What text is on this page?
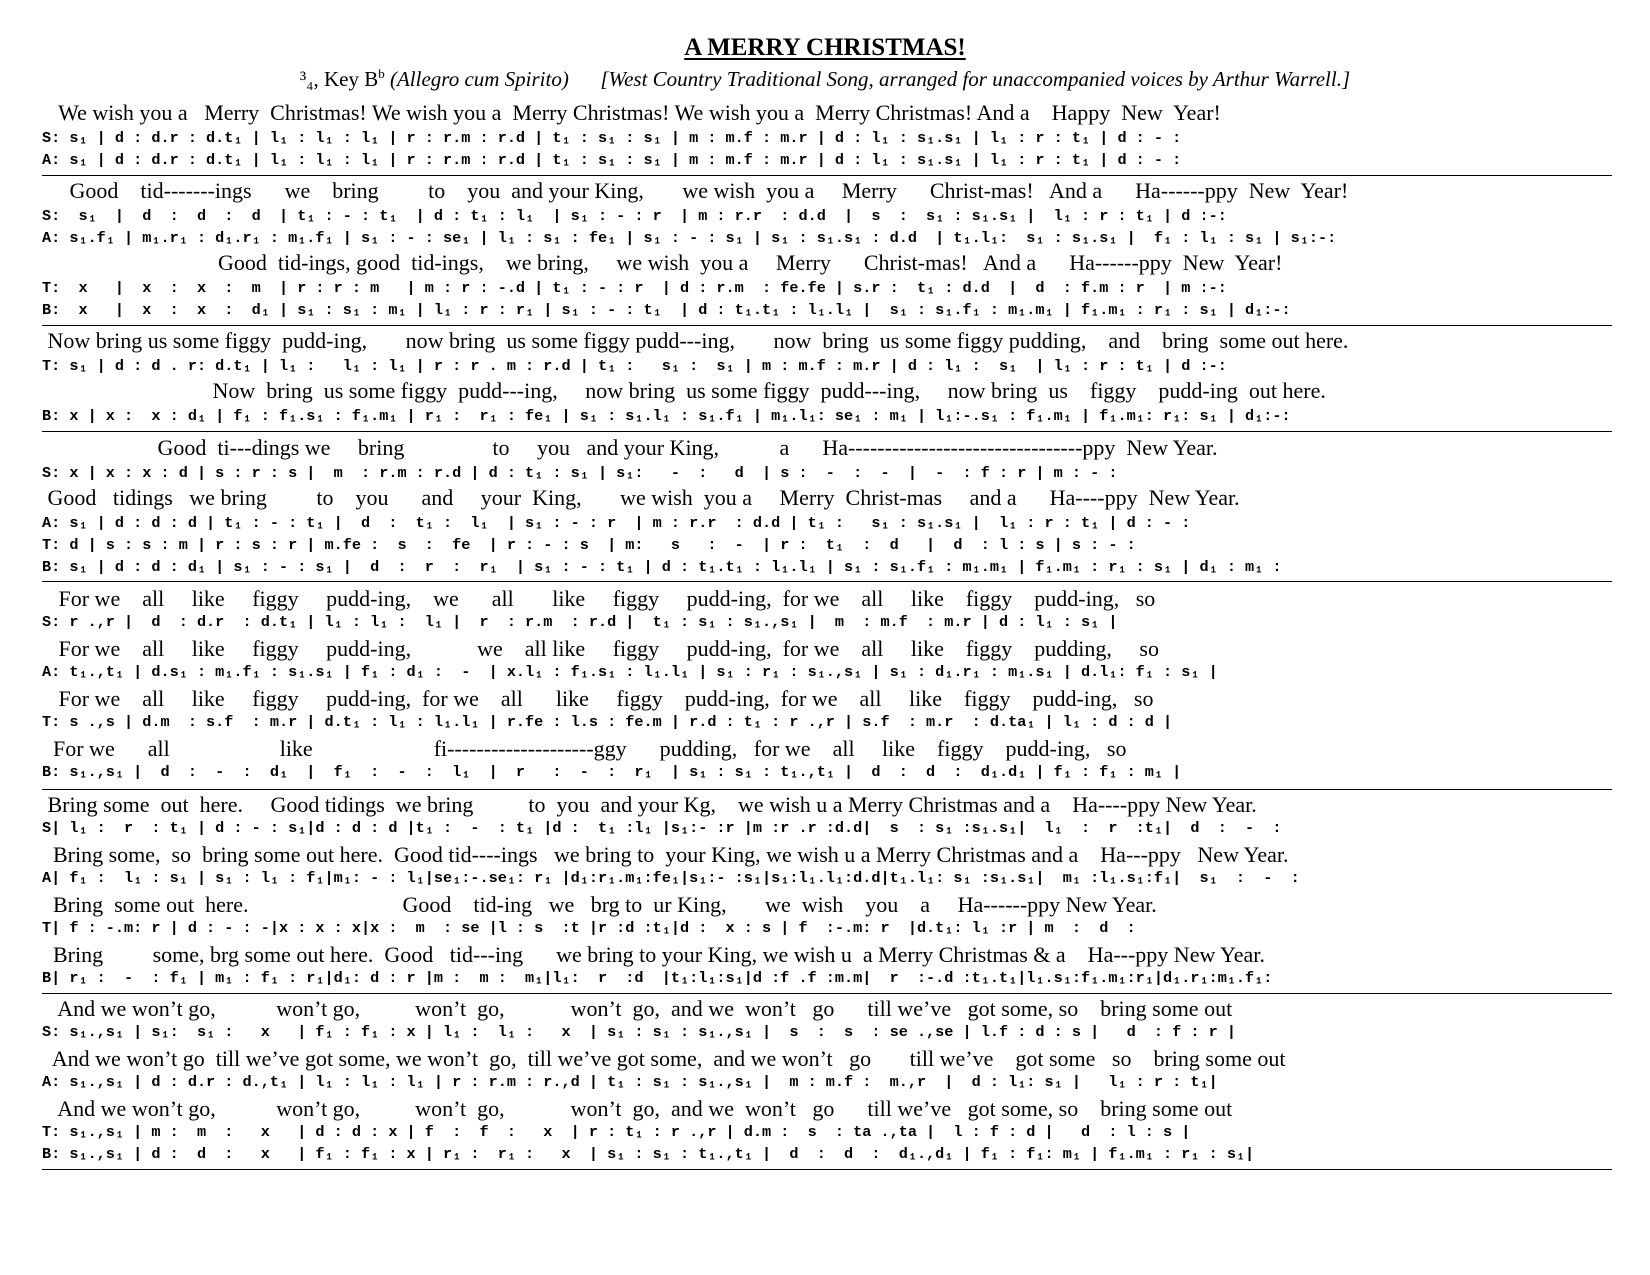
A MERRY CHRISTMAS!
³₄, Key $B^b$ (Allegro cum Spirito) [West Country Traditional Song, arranged for unaccompanied voices by Arthur Warrell.]
We wish you a   Merry  Christmas! We wish you a  Merry Christmas! We wish you a  Merry Christmas! And a    Happy  New  Year!
S: s₁ | d : d.r : d.t₁ | l₁ : l₁ : l₁ | r : r.m : r.d | t₁ : s₁ : s₁ | m : m.f : m.r | d : l₁ : s₁.s₁ | l₁ : r : t₁ | d : - :
A: s₁ | d : d.r : d.t₁ | l₁ : l₁ : l₁ | r : r.m : r.d | t₁ : s₁ : s₁ | m : m.f : m.r | d : l₁ : s₁.s₁ | l₁ : r : t₁ | d : - :
Good    tid-------ings      we    bring         to    you  and your King,       we wish  you a     Merry      Christ-mas!   And a      Ha------ppy  New  Year!
S:  s₁  |  d  :  d  :  d  | t₁ : - : t₁  | d : t₁ : l₁  | s₁ : - : r  | m : r.r  : d.d  |  s  :  s₁ : s₁.s₁ |  l₁ : r : t₁ | d :-:
A: s₁.f₁ | m₁.r₁ : d₁.r₁ : m₁.f₁ | s₁ : - : se₁ | l₁ : s₁ : fe₁ | s₁ : - : s₁ | s₁ : s₁.s₁ : d.d  | t₁.l₁:  s₁ : s₁.s₁ |  f₁ : l₁ : s₁ | s₁:-:
Good  tid-ings, good  tid-ings,    we bring,     we wish  you a     Merry      Christ-mas!   And a      Ha------ppy  New  Year!
T:  x   |  x  :  x  :  m  | r : r : m   | m : r : -.d | t₁ : - : r  | d : r.m  : fe.fe | s.r :  t₁ : d.d  |  d  : f.m : r  | m :-:
B:  x   |  x  :  x  :  d₁ | s₁ : s₁ : m₁ | l₁ : r : r₁ | s₁ : - : t₁  | d : t₁.t₁ : l₁.l₁ |  s₁ : s₁.f₁ : m₁.m₁ | f₁.m₁ : r₁ : s₁ | d₁:-:
Now bring us some figgy  pudd-ing,       now bring  us some figgy pudd---ing,       now  bring  us some figgy pudding,    and    bring  some out here.
T: s₁ | d : d . r: d.t₁ | l₁ :   l₁ : l₁ | r : r . m : r.d | t₁ :   s₁ :  s₁ | m : m.f : m.r | d : l₁ :  s₁  | l₁ : r : t₁ | d :-:
Now  bring  us some figgy  pudd---ing,     now bring  us some figgy  pudd---ing,     now bring  us    figgy    pudd-ing  out here.
B: x | x :  x : d₁ | f₁ : f₁.s₁ : f₁.m₁ | r₁ :  r₁ : fe₁ | s₁ : s₁.l₁ : s₁.f₁ | m₁.l₁: se₁ : m₁ | l₁:-.s₁ : f₁.m₁ | f₁.m₁: r₁: s₁ | d₁:-:
Good  ti---dings we     bring                to     you   and your King,           a      Ha--------------------------------ppy  New Year.
S: x | x : x : d | s : r : s |  m  : r.m : r.d | d : t₁ : s₁ | s₁:   -  :   d  | s :  -  :  -  |  -  : f : r | m : - :
Good   tidings   we bring         to    you      and     your  King,       we wish  you a     Merry  Christ-mas     and a      Ha----ppy  New Year.
A: s₁ | d : d : d | t₁ : - : t₁ |  d  :  t₁ :  l₁  | s₁ : - : r  | m : r.r  : d.d | t₁ :   s₁ : s₁.s₁ |  l₁ : r : t₁ | d : - :
T: d | s : s : m | r : s : r | m.fe :  s  :  fe  | r : - : s  | m:   s   :  -  | r :  t₁  :  d   |  d  : l : s | s : - :
B: s₁ | d : d : d₁ | s₁ : - : s₁ |  d  :  r  :  r₁  | s₁ : - : t₁ | d : t₁.t₁ : l₁.l₁ | s₁ : s₁.f₁ : m₁.m₁ | f₁.m₁ : r₁ : s₁ | d₁ : m₁ :
For we    all     like     figgy     pudd-ing,    we      all       like     figgy     pudd-ing,  for we    all     like    figgy    pudd-ing,   so
S: r .,r |  d  : d.r  : d.t₁ | l₁ : l₁ :  l₁ |  r  : r.m  : r.d |  t₁ : s₁ : s₁.,s₁ |  m  : m.f  : m.r | d : l₁ : s₁ |
For we    all     like     figgy     pudd-ing,            we    all like     figgy     pudd-ing,  for we    all     like    figgy    pudding,     so
A: t₁.,t₁ | d.s₁ : m₁.f₁ : s₁.s₁ | f₁ : d₁ :  -  | x.l₁ : f₁.s₁ : l₁.l₁ | s₁ : r₁ : s₁.,s₁ | s₁ : d₁.r₁ : m₁.s₁ | d.l₁: f₁ : s₁ |
For we    all     like     figgy     pudd-ing,  for we    all      like     figgy    pudd-ing,  for we    all     like    figgy    pudd-ing,   so
T: s .,s | d.m  : s.f  : m.r | d.t₁ : l₁ : l₁.l₁ | r.fe : l.s : fe.m | r.d : t₁ : r .,r | s.f  : m.r  : d.ta₁ | l₁ : d : d |
For we      all                    like                      fi--------------------ggy      pudding,   for we    all     like    figgy    pudd-ing,   so
B: s₁.,s₁ |  d  :  -  :  d₁  |  f₁  :  -  :  l₁  |  r   :  -  :  r₁  | s₁ : s₁ : t₁.,t₁ |  d  :  d  :  d₁.d₁ | f₁ : f₁ : m₁ |
Bring some  out  here.     Good tidings  we bring          to  you  and your Kg,    we wish u a Merry Christmas and a    Ha----ppy New Year.
S| l₁ :  r  : t₁ | d : - : s₁|d : d : d |t₁ :  -  : t₁ |d :  t₁ :l₁ |s₁:- :r |m :r .r :d.d|  s  : s₁ :s₁.s₁|  l₁  :  r  :t₁|  d  :  -  :
Bring some,  so  bring some out here.  Good tid----ings   we bring to  your King, we wish u a Merry Christmas and a    Ha---ppy   New Year.
A| f₁ :  l₁ : s₁ | s₁ : l₁ : f₁|m₁: - : l₁|se₁:-.se₁: r₁ |d₁:r₁.m₁:fe₁|s₁:- :s₁|s₁:l₁.l₁:d.d|t₁.l₁: s₁ :s₁.s₁|  m₁ :l₁.s₁:f₁|  s₁  :  -  :
Bring  some out  here.                            Good    tid-ing   we   brg to  ur King,       we  wish    you    a     Ha------ppy New Year.
T| f : -.m: r | d : - : -|x : x : x|x :  m  : se |l : s  :t |r :d :t₁|d :  x : s | f  :-.m: r  |d.t₁: l₁ :r | m  :  d  :
Bring         some, brg some out here.  Good   tid---ing      we bring to your King, we wish u  a Merry Christmas & a    Ha---ppy New Year.
B| r₁ :  -  : f₁ | m₁ : f₁ : r₁|d₁: d : r |m :  m :  m₁|l₁:  r  :d  |t₁:l₁:s₁|d :f .f :m.m|  r  :-.d :t₁.t₁|l₁.s₁:f₁.m₁:r₁|d₁.r₁:m₁.f₁:
And we won’t go,           won’t go,          won’t  go,            won’t  go,  and we  won’t   go      till we’ve   got some, so    bring some out
S: s₁.,s₁ | s₁:  s₁ :   x   | f₁ : f₁ : x | l₁ :  l₁ :   x  | s₁ : s₁ : s₁.,s₁ |  s  :  s  : se .,se | l.f : d : s |   d  : f : r |
And we won’t go  till we’ve got some, we won’t  go,  till we’ve got some,  and we won’t   go       till we’ve    got some   so    bring some out
A: s₁.,s₁ | d : d.r : d.,t₁ | l₁ : l₁ : l₁ | r : r.m : r.,d | t₁ : s₁ : s₁.,s₁ |  m : m.f :  m.,r  |  d : l₁: s₁ |   l₁ : r : t₁|
And we won’t go,           won’t go,          won’t  go,            won’t  go,  and we  won’t   go      till we’ve   got some, so    bring some out
T: s₁.,s₁ | m :  m  :   x   | d : d : x | f  :  f  :   x  | r : t₁ : r .,r | d.m :  s  : ta .,ta |  l : f : d |   d  : l : s |
B: s₁.,s₁ | d :  d  :   x   | f₁ : f₁ : x | r₁ :  r₁ :   x  | s₁ : s₁ : t₁.,t₁ |  d  :  d  :  d₁.,d₁ | f₁ : f₁: m₁ | f₁.m₁ : r₁ : s₁|
